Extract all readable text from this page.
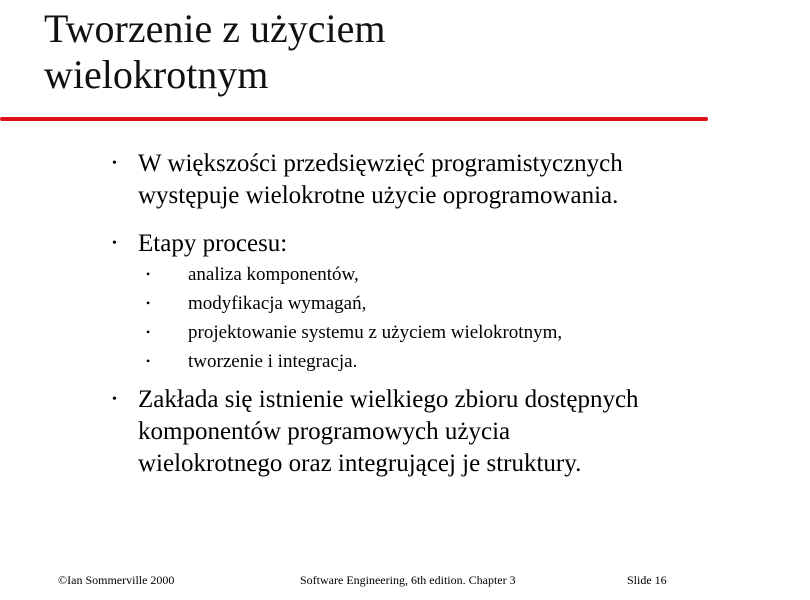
Tworzenie z użyciem
wielokrotnym
• W większości przedsięwzięć programistycznych
występuje wielokrotne użycie oprogramowania.
• Etapy procesu:
• analiza komponentów,
• modyfikacja wymagań,
• projektowanie systemu z użyciem wielokrotnym,
• tworzenie i integracja.
• Zakłada się istnienie wielkiego zbioru dostępnych
komponentów programowych użycia
wielokrotnego oraz integrującej je struktury.
©Ian Sommerville 2000	Software Engineering, 6th edition. Chapter 3	Slide 16
